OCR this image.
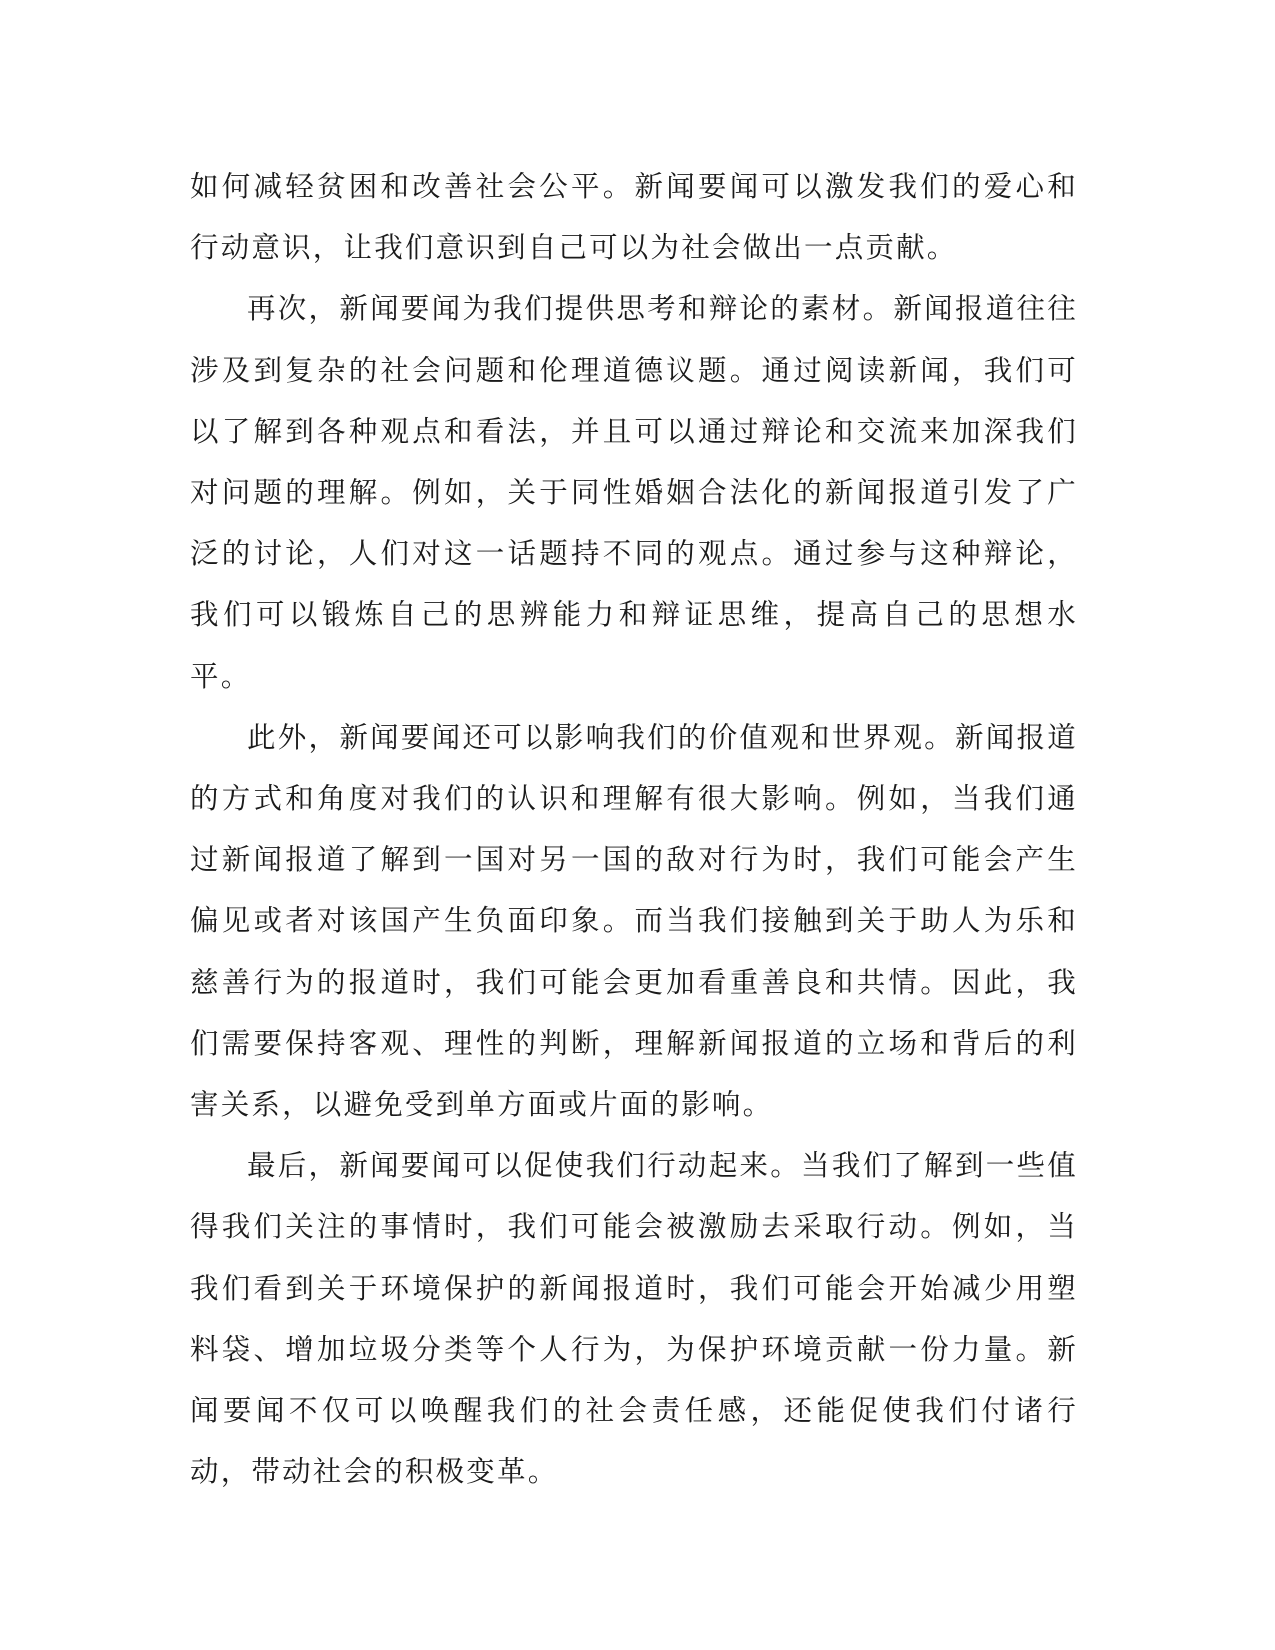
如何减轻贫困和改善社会公平。新闻要闻可以激发我们的爱心和行动意识，让我们意识到自己可以为社会做出一点贡献。

再次，新闻要闻为我们提供思考和辩论的素材。新闻报道往往涉及到复杂的社会问题和伦理道德议题。通过阅读新闻，我们可以了解到各种观点和看法，并且可以通过辩论和交流来加深我们对问题的理解。例如，关于同性婚姻合法化的新闻报道引发了广泛的讨论，人们对这一话题持不同的观点。通过参与这种辩论，我们可以锻炼自己的思辨能力和辩证思维，提高自己的思想水平。

此外，新闻要闻还可以影响我们的价值观和世界观。新闻报道的方式和角度对我们的认识和理解有很大影响。例如，当我们通过新闻报道了解到一国对另一国的敌对行为时，我们可能会产生偏见或者对该国产生负面印象。而当我们接触到关于助人为乐和慈善行为的报道时，我们可能会更加看重善良和共情。因此，我们需要保持客观、理性的判断，理解新闻报道的立场和背后的利害关系，以避免受到单方面或片面的影响。

最后，新闻要闻可以促使我们行动起来。当我们了解到一些值得我们关注的事情时，我们可能会被激励去采取行动。例如，当我们看到关于环境保护的新闻报道时，我们可能会开始减少用塑料袋、增加垃圾分类等个人行为，为保护环境贡献一份力量。新闻要闻不仅可以唤醒我们的社会责任感，还能促使我们付诸行动，带动社会的积极变革。
